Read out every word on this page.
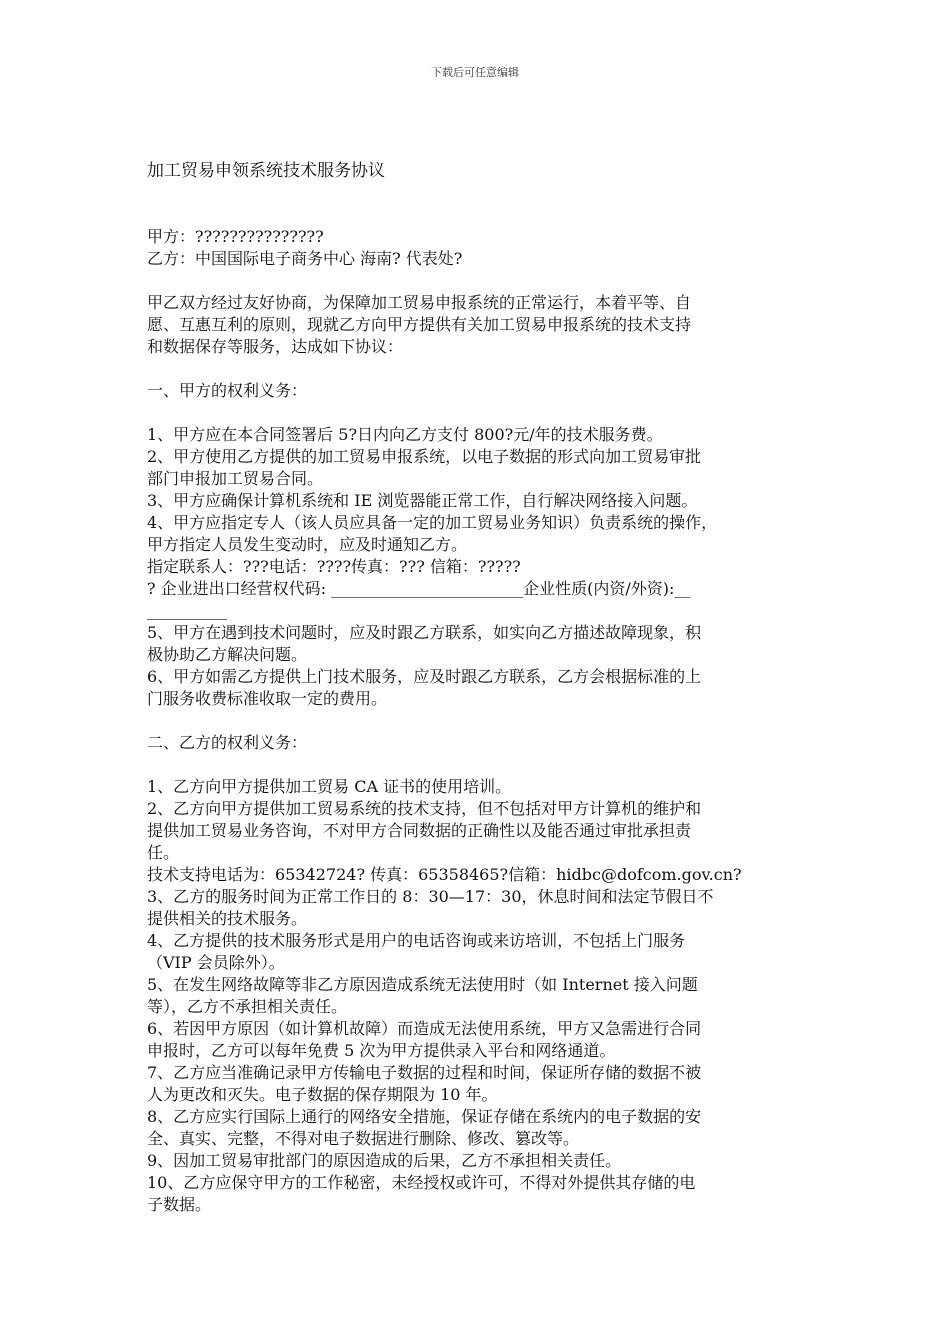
下载后可任意编辑
加工贸易申领系统技术服务协议
甲方：???????????????
乙方：中国国际电子商务中心 海南? 代表处?
甲乙双方经过友好协商，为保障加工贸易申报系统的正常运行，本着平等、自
愿、互惠互利的原则，现就乙方向甲方提供有关加工贸易申报系统的技术支持
和数据保存等服务，达成如下协议：
一、甲方的权利义务：
1、甲方应在本合同签署后 5?日内向乙方支付 800?元/年的技术服务费。
2、甲方使用乙方提供的加工贸易申报系统，以电子数据的形式向加工贸易审批
部门申报加工贸易合同。
3、甲方应确保计算机系统和 IE 浏览器能正常工作，自行解决网络接入问题。
4、甲方应指定专人（该人员应具备一定的加工贸易业务知识）负责系统的操作，
甲方指定人员发生变动时，应及时通知乙方。
指定联系人：???电话：????传真：??? 信箱：?????
? 企业进出口经营权代码: ________________________企业性质(内资/外资):__
__________
5、甲方在遇到技术问题时，应及时跟乙方联系，如实向乙方描述故障现象，积
极协助乙方解决问题。
6、甲方如需乙方提供上门技术服务，应及时跟乙方联系，乙方会根据标准的上
门服务收费标准收取一定的费用。
二、乙方的权利义务：
1、乙方向甲方提供加工贸易 CA 证书的使用培训。
2、乙方向甲方提供加工贸易系统的技术支持，但不包括对甲方计算机的维护和
提供加工贸易业务咨询，不对甲方合同数据的正确性以及能否通过审批承担责
任。
技术支持电话为：65342724? 传真：65358465?信箱：hidbc@dofcom.gov.cn?
3、乙方的服务时间为正常工作日的 8：30—17：30，休息时间和法定节假日不
提供相关的技术服务。
4、乙方提供的技术服务形式是用户的电话咨询或来访培训，不包括上门服务
（VIP 会员除外）。
5、在发生网络故障等非乙方原因造成系统无法使用时（如 Internet 接入问题
等），乙方不承担相关责任。
6、若因甲方原因（如计算机故障）而造成无法使用系统，甲方又急需进行合同
申报时，乙方可以每年免费 5 次为甲方提供录入平台和网络通道。
7、乙方应当准确记录甲方传输电子数据的过程和时间，保证所存储的数据不被
人为更改和灭失。电子数据的保存期限为 10 年。
8、乙方应实行国际上通行的网络安全措施，保证存储在系统内的电子数据的安
全、真实、完整，不得对电子数据进行删除、修改、篡改等。
9、因加工贸易审批部门的原因造成的后果，乙方不承担相关责任。
10、乙方应保守甲方的工作秘密，未经授权或许可，不得对外提供其存储的电
子数据。
